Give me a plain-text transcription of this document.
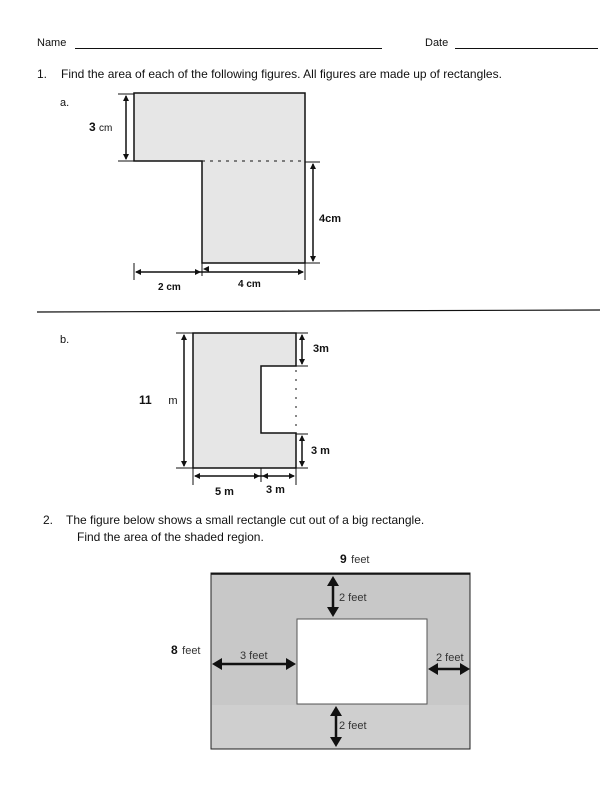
Name	Date
1. Find the area of each of the following figures. All figures are made up of rectangles.
a.
3 cm
4cm
2 cm	4 cm
b.
11 m
3m
3 m
5 m	3 m
2. The figure below shows a small rectangle cut out of a big rectangle.
Find the area of the shaded region.
9 feet
8 feet
2 feet
3 feet	2 feet
2 feet
